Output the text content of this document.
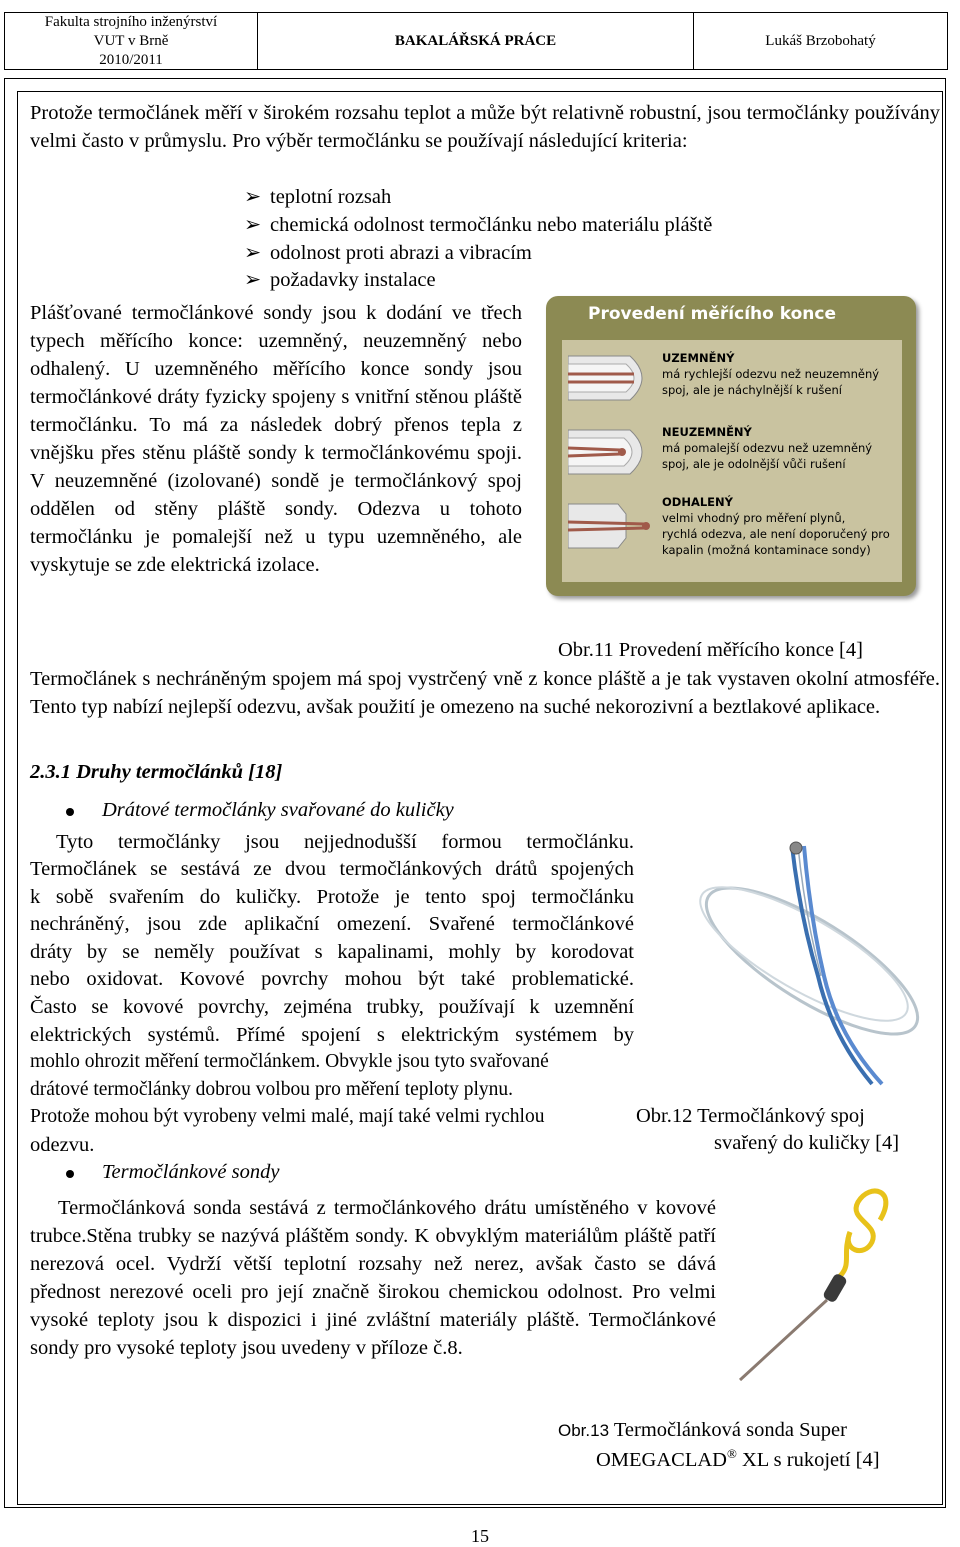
Fakulta strojního inženýrství
VUT v Brně
2010/2011
BAKALÁŘSKÁ PRÁCE	Lukáš Brzobohatý
Protože termočlánek měří v širokém rozsahu teplot a může být relativně robustní, jsou termočlánky používány velmi často v průmyslu. Pro výběr termočlánku se používají následující kriteria:
➢ teplotní rozsah
➢ chemická odolnost termočlánku nebo materiálu pláště
➢ odolnost proti abrazi a vibracím
➢ požadavky instalace
Plášťované termočlánkové sondy jsou k dodání ve třech typech měřícího konce: uzemněný, neuzemněný nebo odhalený. U uzemněného měřícího konce sondy jsou termočlánkové dráty fyzicky spojeny s vnitřní stěnou pláště termočlánku. To má za následek dobrý přenos tepla z vnějšku přes stěnu pláště sondy k termočlánkovému spoji. V neuzemněné (izolované) sondě je termočlánkový spoj oddělen od stěny pláště sondy. Odezva u tohoto termočlánku je pomalejší než u typu uzemněného, ale vyskytuje se zde elektrická izolace.
Provedení měřícího konce
UZEMNĚNÝ
má rychlejší odezvu než neuzemněný
spoj, ale je náchylnější k rušení
NEUZEMNĚNÝ
má pomalejší odezvu než uzemněný
spoj, ale je odolnější vůči rušení
ODHALENÝ
velmi vhodný pro měření plynů,
rychlá odezva, ale není doporučený pro
kapalin (možná kontaminace sondy)
Obr.11 Provedení měřícího konce [4]
Termočlánek s nechráněným spojem má spoj vystrčený vně z konce pláště a je tak vystaven okolní atmosféře. Tento typ nabízí nejlepší odezvu, avšak použití je omezeno na suché nekorozivní a beztlakové aplikace.
2.3.1 Druhy termočlánků [18]
Drátové termočlánky svařované do kuličky
Tyto termočlánky jsou nejjednodušší formou termočlánku.
Termočlánek se sestává ze dvou termočlánkových drátů spojených
k sobě svařením do kuličky. Protože je tento spoj termočlánku
nechráněný, jsou zde aplikační omezení. Svařené termočlánkové
dráty by se neměly používat s kapalinami, mohly by korodovat
nebo oxidovat. Kovové povrchy mohou být také problematické.
Často se kovové povrchy, zejména trubky, používají k uzemnění
elektrických systémů. Přímé spojení s elektrickým systémem by
mohlo ohrozit měření termočlánkem. Obvykle jsou tyto svařované
drátové termočlánky dobrou volbou pro měření teploty plynu.
Protože mohou být vyrobeny velmi malé, mají také velmi rychlou
odezvu.
Obr.12 Termočlánkový spoj
svařený do kuličky [4]
Termočlánkové sondy
Termočlánková sonda sestává z termočlánkového drátu umístěného v kovové trubce.Stěna trubky se nazývá pláštěm sondy. K obvyklým materiálům pláště patří nerezová ocel. Vydrží větší teplotní rozsahy než nerez, avšak často se dává přednost nerezové oceli pro její značně širokou chemickou odolnost. Pro velmi vysoké teploty jsou k dispozici i jiné zvláštní materiály pláště. Termočlánkové sondy pro vysoké teploty jsou uvedeny v příloze č.8.
Obr.13 Termočlánková sonda Super
OMEGACLAD® XL s rukojetí [4]
15
